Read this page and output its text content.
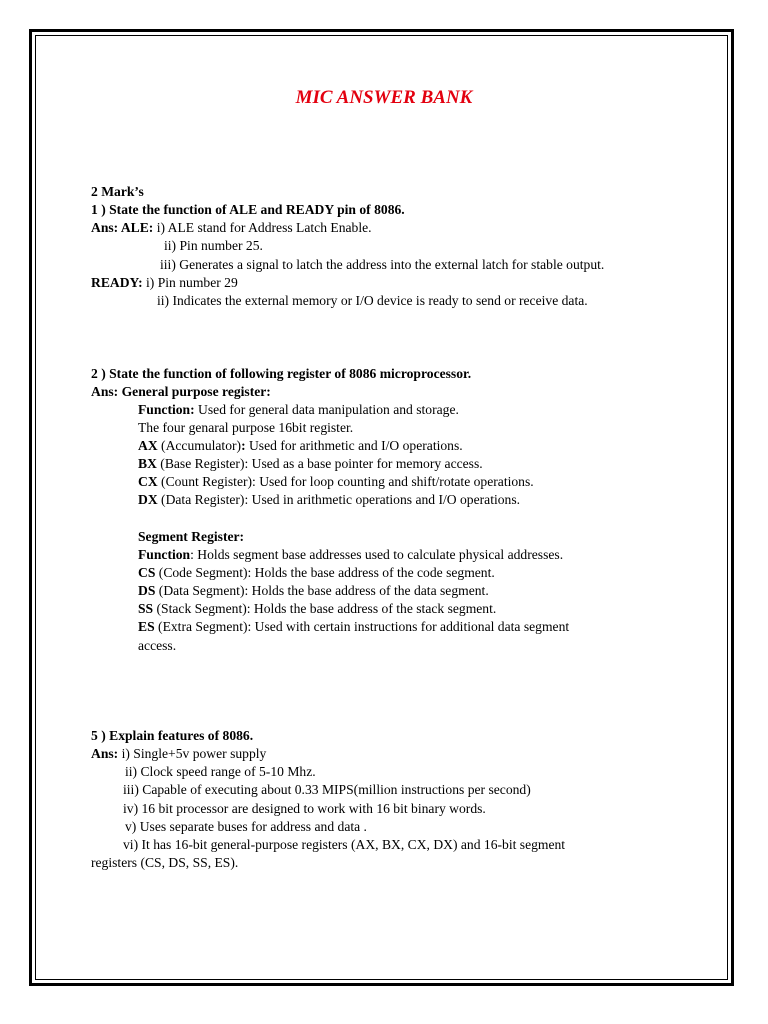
MIC ANSWER BANK
2 Mark’s
1 ) State the function of ALE and READY pin of 8086.
Ans: ALE: i) ALE stand for Address Latch Enable.
ii) Pin number 25.
iii) Generates a signal to latch the address into the external latch for stable output.
READY: i) Pin number 29
ii) Indicates the external memory or I/O device is ready to send or receive data.
2 ) State the function of following register of 8086 microprocessor.
Ans: General purpose register:
Function: Used for general data manipulation and storage.
The four genaral purpose 16bit register.
AX (Accumulator): Used for arithmetic and I/O operations.
BX (Base Register): Used as a base pointer for memory access.
CX (Count Register): Used for loop counting and shift/rotate operations.
DX (Data Register): Used in arithmetic operations and I/O operations.
Segment Register:
Function: Holds segment base addresses used to calculate physical addresses.
CS (Code Segment): Holds the base address of the code segment.
DS (Data Segment): Holds the base address of the data segment.
SS (Stack Segment): Holds the base address of the stack segment.
ES (Extra Segment): Used with certain instructions for additional data segment
access.
5 ) Explain features of 8086.
Ans: i) Single+5v power supply
ii) Clock speed range of 5-10 Mhz.
iii) Capable of executing about 0.33 MIPS(million instructions per second)
iv) 16 bit processor are designed to work with 16 bit binary words.
v) Uses separate buses for address and data .
vi) It has 16-bit general-purpose registers (AX, BX, CX, DX) and 16-bit segment
registers (CS, DS, SS, ES).
